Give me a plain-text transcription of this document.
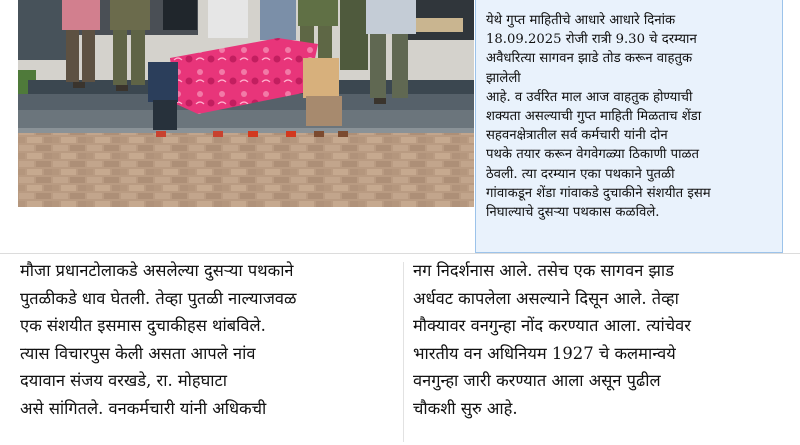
येथे गुप्त माहितीचे आधारे आधारे दिनांक
18.09.2025 रोजी रात्री 9.30 चे दरम्यान
अवैधरित्या सागवन झाडे तोड करून वाहतुक
झालेली
आहे. व उर्वरित माल आज वाहतुक होण्याची
शक्यता असल्याची गुप्त माहिती मिळताच शेंडा
सहवनक्षेत्रातील सर्व कर्मचारी यांनी दोन
पथके तयार करून वेगवेगळ्या ठिकाणी पाळत
ठेवली. त्या दरम्यान एका पथकाने पुतळी
गांवाकडून शेंडा गांवाकडे दुचाकीने संशयीत इसम
निघाल्याचे दुसऱ्या पथकास कळविले.
मौजा प्रधानटोलाकडे असलेल्या दुसऱ्या पथकाने
पुतळीकडे धाव घेतली. तेव्हा पुतळी नाल्याजवळ
एक संशयीत इसमास दुचाकीहस थांबविले.
त्यास विचारपुस केली असता आपले नांव
दयावान संजय वरखडे, रा. मोहघाटा
असे सांगितले. वनकर्मचारी यांनी अधिकची
नग निदर्शनास आले. तसेच एक सागवन झाड
अर्धवट कापलेला असल्याने दिसून आले. तेव्हा
मौक्यावर वनगुन्हा नोंद करण्यात आला. त्यांचेवर
भारतीय वन अधिनियम 1927 चे कलमान्वये
वनगुन्हा जारी करण्यात आला असून पुढील
चौकशी सुरु आहे.
